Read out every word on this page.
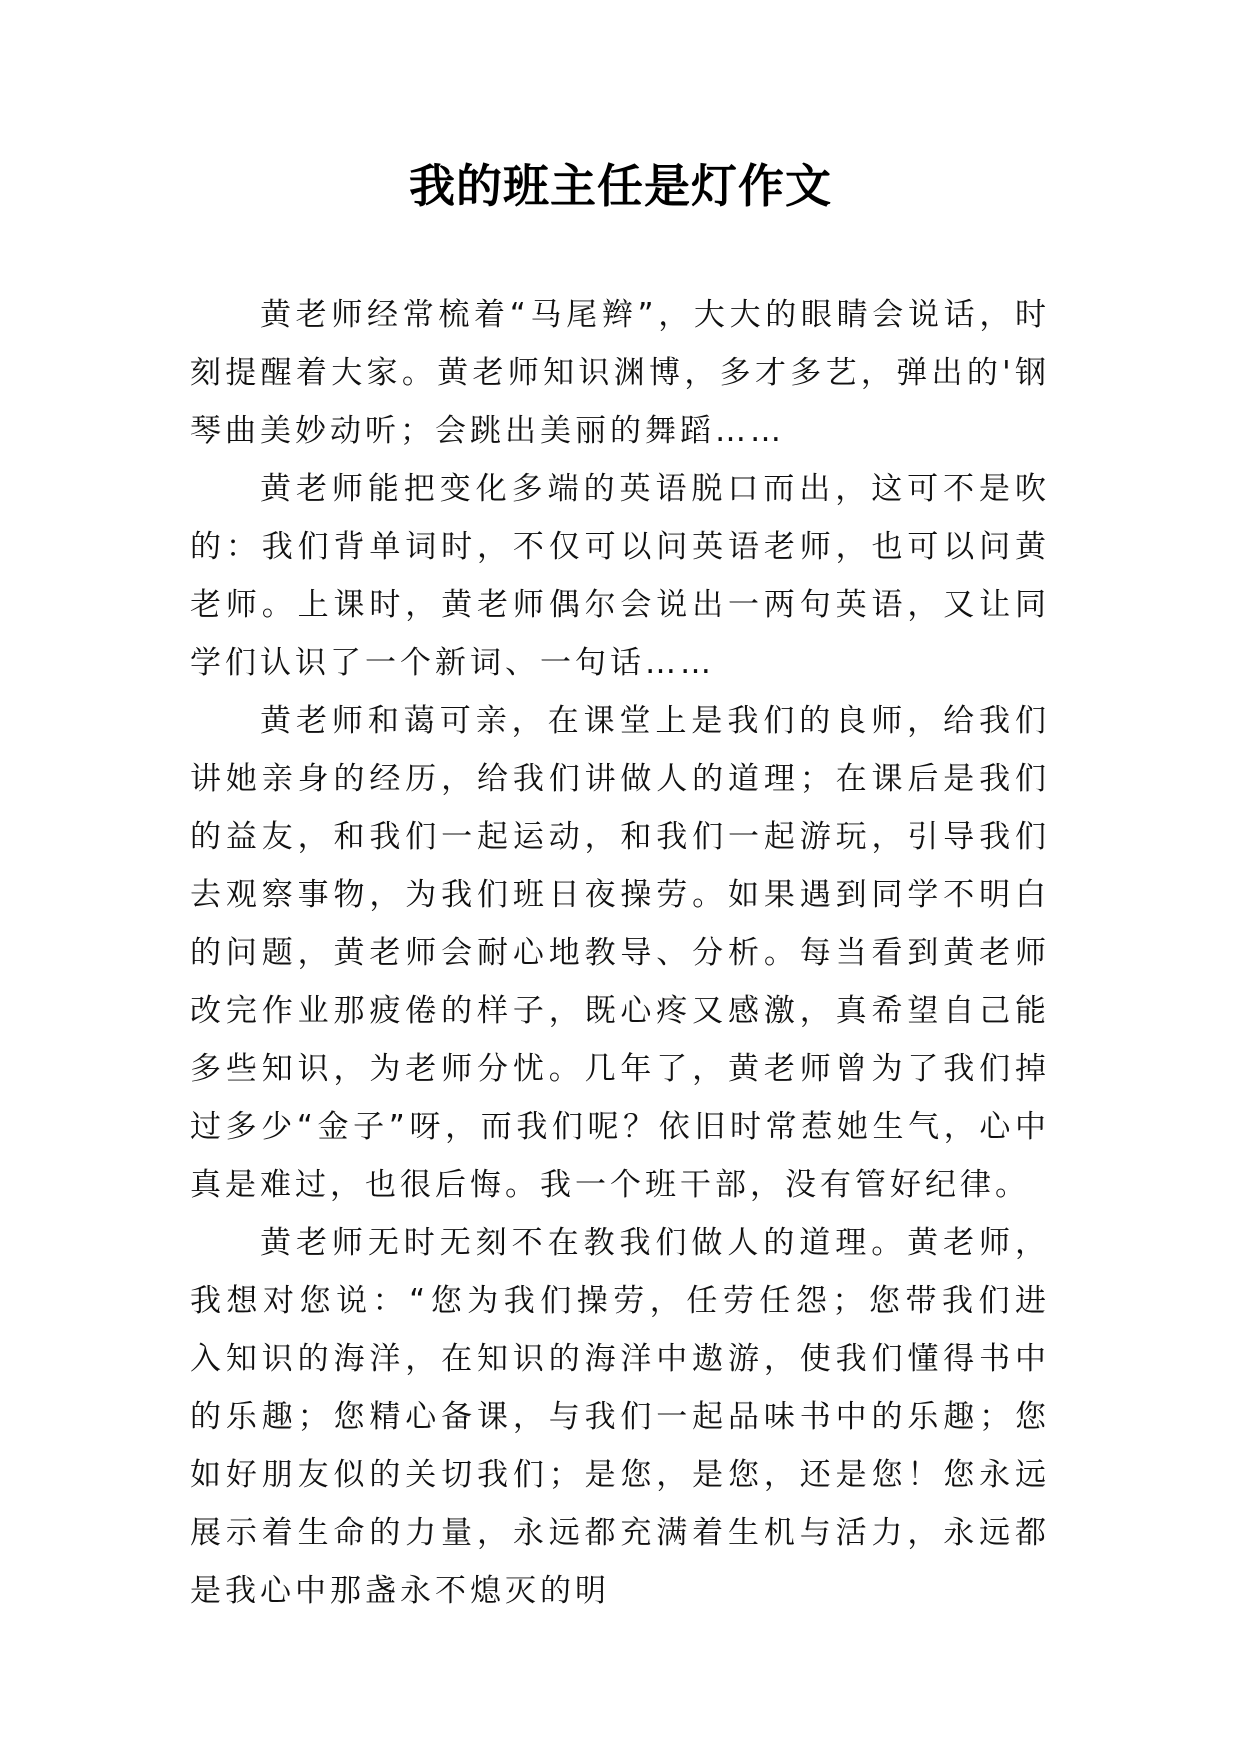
我的班主任是灯作文

黄老师经常梳着“马尾辫”，大大的眼睛会说话，时刻提醒着大家。黄老师知识渊博，多才多艺，弹出的'钢琴曲美妙动听；会跳出美丽的舞蹈……

黄老师能把变化多端的英语脱口而出，这可不是吹的：我们背单词时，不仅可以问英语老师，也可以问黄老师。上课时，黄老师偶尔会说出一两句英语，又让同学们认识了一个新词、一句话……

黄老师和蔼可亲，在课堂上是我们的良师，给我们讲她亲身的经历，给我们讲做人的道理；在课后是我们的益友，和我们一起运动，和我们一起游玩，引导我们去观察事物，为我们班日夜操劳。如果遇到同学不明白的问题，黄老师会耐心地教导、分析。每当看到黄老师改完作业那疲倦的样子，既心疼又感激，真希望自己能多些知识，为老师分忧。几年了，黄老师曾为了我们掉过多少“金子”呀，而我们呢？依旧时常惹她生气，心中真是难过，也很后悔。我一个班干部，没有管好纪律。

黄老师无时无刻不在教我们做人的道理。黄老师，我想对您说：“您为我们操劳，任劳任怨；您带我们进入知识的海洋，在知识的海洋中遨游，使我们懂得书中的乐趣；您精心备课，与我们一起品味书中的乐趣；您如好朋友似的关切我们；是您，是您，还是您！您永远展示着生命的力量，永远都充满着生机与活力，永远都是我心中那盏永不熄灭的明
